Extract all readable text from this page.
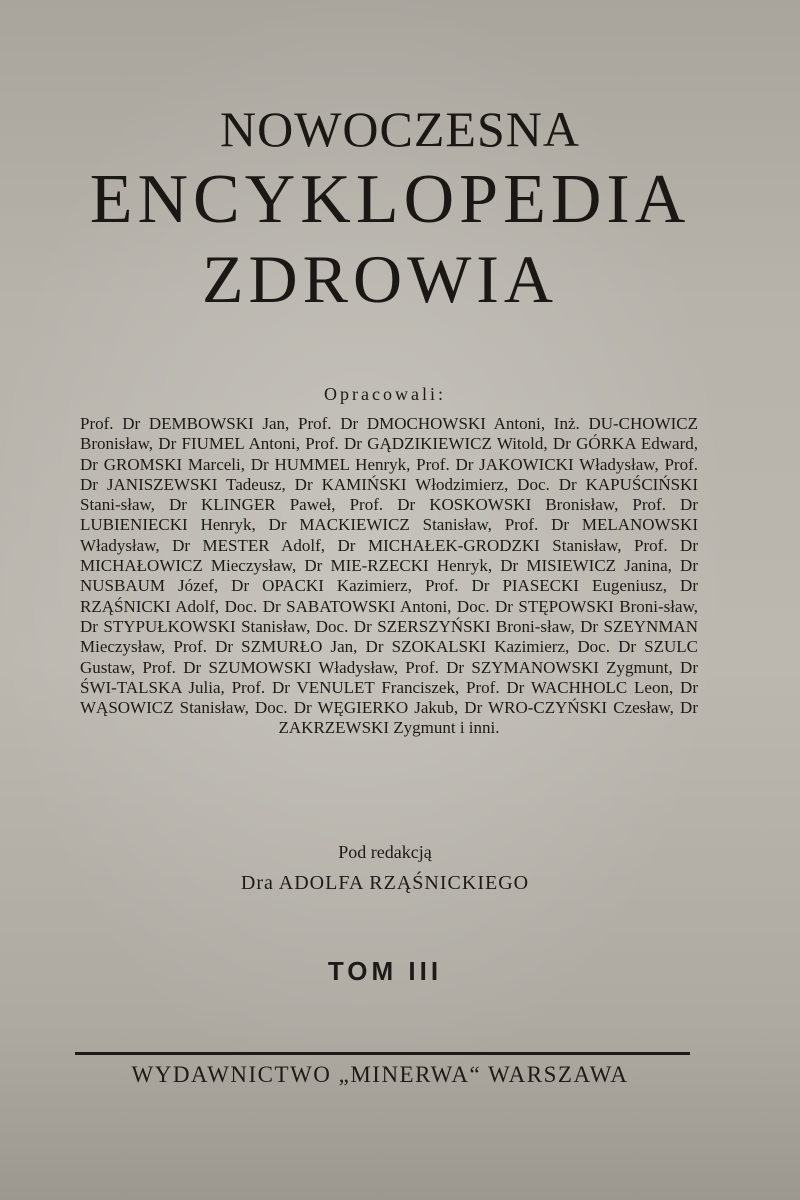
NOWOCZESNA
ENCYKLOPEDIA
ZDROWIA
Opracowali:
Prof. Dr DEMBOWSKI Jan, Prof. Dr DMOCHOWSKI Antoni, Inż. DU-CHOWICZ Bronisław, Dr FIUMEL Antoni, Prof. Dr GĄDZIKIEWICZ Witold, Dr GÓRKA Edward, Dr GROMSKI Marceli, Dr HUMMEL Henryk, Prof. Dr JAKOWICKI Władysław, Prof. Dr JANISZEWSKI Tadeusz, Dr KAMIŃSKI Włodzimierz, Doc. Dr KAPUŚCIŃSKI Stani-sław, Dr KLINGER Paweł, Prof. Dr KOSKOWSKI Bronisław, Prof. Dr LUBIENIECKI Henryk, Dr MACKIEWICZ Stanisław, Prof. Dr MELANOWSKI Władysław, Dr MESTER Adolf, Dr MICHAŁEK-GRODZKI Stanisław, Prof. Dr MICHAŁOWICZ Mieczysław, Dr MIE-RZECKI Henryk, Dr MISIEWICZ Janina, Dr NUSBAUM Józef, Dr OPACKI Kazimierz, Prof. Dr PIASECKI Eugeniusz, Dr RZĄŚNICKI Adolf, Doc. Dr SABATOWSKI Antoni, Doc. Dr STĘPOWSKI Broni-sław, Dr STYPUŁKOWSKI Stanisław, Doc. Dr SZERSZYŃSKI Broni-sław, Dr SZEYNMAN Mieczysław, Prof. Dr SZMURŁO Jan, Dr SZOKALSKI Kazimierz, Doc. Dr SZULC Gustaw, Prof. Dr SZUMOWSKI Władysław, Prof. Dr SZYMANOWSKI Zygmunt, Dr ŚWI-TALSKA Julia, Prof. Dr VENULET Franciszek, Prof. Dr WACHHOLC Leon, Dr WĄSOWICZ Stanisław, Doc. Dr WĘGIERKO Jakub, Dr WRO-CZYŃSKI Czesław, Dr ZAKRZEWSKI Zygmunt i inni.
Pod redakcją
Dra ADOLFA RZĄŚNICKIEGO
TOM III
WYDAWNICTWO „MINERWA“ WARSZAWA
